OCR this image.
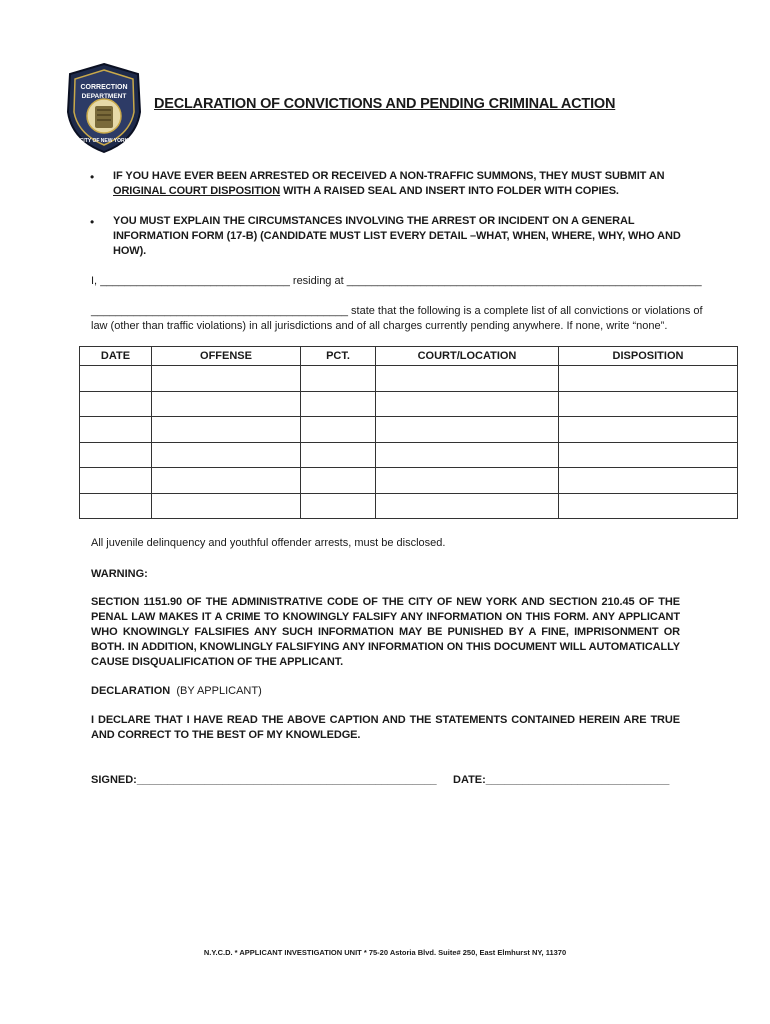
CORRECTION
DEPARTMENT
CITY OF NEW YORK
DECLARATION OF CONVICTIONS AND PENDING CRIMINAL ACTION
• IF YOU HAVE EVER BEEN ARRESTED OR RECEIVED A NON-TRAFFIC SUMMONS, THEY MUST SUBMIT AN
ORIGINAL COURT DISPOSITION WITH A RAISED SEAL AND INSERT INTO FOLDER WITH COPIES.
• YOU MUST EXPLAIN THE CIRCUMSTANCES INVOLVING THE ARREST OR INCIDENT ON A GENERAL INFORMATION FORM (17-B) (CANDIDATE MUST LIST EVERY DETAIL –WHAT, WHEN, WHERE, WHY, WHO AND HOW).
I, _______________________________ residing at __________________________________________________________
__________________________________________ state that the following is a complete list of all convictions or violations of
law (other than traffic violations) in all jurisdictions and of all charges currently pending anywhere. If none, write “none”.
DATE	OFFENSE	PCT.	COURT/LOCATION	DISPOSITION

All juvenile delinquency and youthful offender arrests, must be disclosed.
WARNING:
SECTION 1151.90 OF THE ADMINISTRATIVE CODE OF THE CITY OF NEW YORK AND SECTION 210.45 OF THE PENAL LAW MAKES IT A CRIME TO KNOWINGLY FALSIFY ANY INFORMATION ON THIS FORM. ANY APPLICANT WHO KNOWINGLY FALSIFIES ANY SUCH INFORMATION MAY BE PUNISHED BY A FINE, IMPRISONMENT OR BOTH. IN ADDITION, KNOWLINGLY FALSIFYING ANY INFORMATION ON THIS DOCUMENT WILL AUTOMATICALLY CAUSE DISQUALIFICATION OF THE APPLICANT.
DECLARATION (BY APPLICANT)
I DECLARE THAT I HAVE READ THE ABOVE CAPTION AND THE STATEMENTS CONTAINED HEREIN ARE TRUE AND CORRECT TO THE BEST OF MY KNOWLEDGE.
SIGNED:_________________________________________________ DATE:______________________________
N.Y.C.D. * APPLICANT INVESTIGATION UNIT * 75-20 Astoria Blvd. Suite# 250, East Elmhurst NY, 11370
